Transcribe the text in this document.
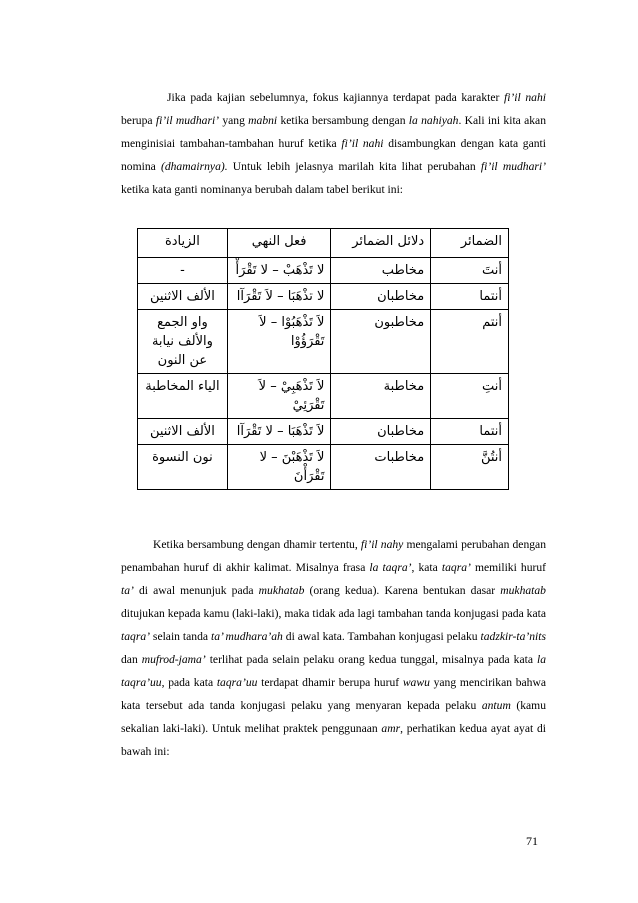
Jika pada kajian sebelumnya, fokus kajiannya terdapat pada karakter fi’il nahi berupa fi’il mudhari’ yang mabni ketika bersambung dengan la nahiyah. Kali ini kita akan menginisiai tambahan-tambahan huruf ketika fi’il nahi disambungkan dengan kata ganti nomina (dhamairnya). Untuk lebih jelasnya marilah kita lihat perubahan fi’il mudhari’ ketika kata ganti nominanya berubah dalam tabel berikut ini:

الضمائر	دلائل الضمائر	فعل النهي	الزيادة
أنتَ	مخاطب	لا تَذْهَبْ – لا تَقْرَأْ	-
أنتما	مخاطبان	لا تذْهَبَا – لاَ تَقْرَآا	الألف الاثنين
أنتم	مخاطبون	لاَ تَذْهَبُوْا – لاَ تَقْرَؤُوْا	واو الجمع والألف نيابة عن النون
أنتِ	مخاطبة	لاَ تَذْهَبِيْ – لاَ تَقْرَئِيْ	الياء المخاطبة
أنتما	مخاطبان	لاَ تَذْهَبَا – لا تَقْرَآا	الألف الاثنين
أنتُنَّ	مخاطبات	لاَ تَذْهَبْنَ – لا تَقْرَأْنَ	نون النسوة

Ketika bersambung dengan dhamir tertentu, fi’il nahy mengalami perubahan dengan penambahan huruf di akhir kalimat. Misalnya frasa la taqra’, kata taqra’ memiliki huruf ta’ di awal menunjuk pada mukhatab (orang kedua). Karena bentukan dasar mukhatab ditujukan kepada kamu (laki-laki), maka tidak ada lagi tambahan tanda konjugasi pada kata taqra’ selain tanda ta’ mudhara’ah di awal kata. Tambahan konjugasi pelaku tadzkir-ta’nits dan mufrod-jama’ terlihat pada selain pelaku orang kedua tunggal, misalnya pada kata la taqra’uu, pada kata taqra’uu terdapat dhamir berupa huruf wawu yang mencirikan bahwa kata tersebut ada tanda konjugasi pelaku yang menyaran kepada pelaku antum (kamu sekalian laki-laki). Untuk melihat praktek penggunaan amr, perhatikan kedua ayat ayat di bawah ini:

71
